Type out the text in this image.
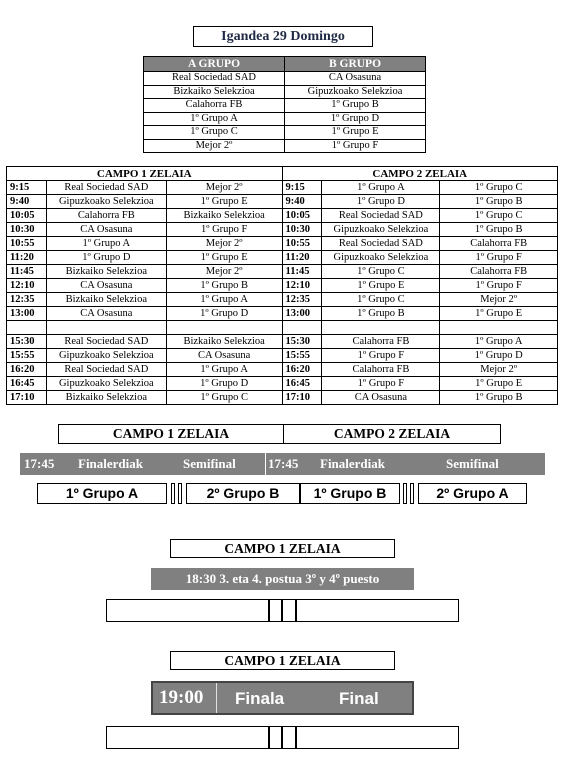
Igandea 29 Domingo
A GRUPO	B GRUPO
Real Sociedad SAD	CA Osasuna
Bizkaiko Selekzioa	Gipuzkoako Selekzioa
Calahorra FB	1º Grupo B
1º Grupo A	1º Grupo D
1º Grupo C	1º Grupo E
Mejor 2º	1º Grupo F
CAMPO 1 ZELAIA			CAMPO 2 ZELAIA		
9:15	Real Sociedad SAD	Mejor 2º	9:15	1º Grupo A	1º Grupo C
9:40	Gipuzkoako Selekzioa	1º Grupo E	9:40	1º Grupo D	1º Grupo B
10:05	Calahorra FB	Bizkaiko Selekzioa	10:05	Real Sociedad SAD	1º Grupo C
10:30	CA Osasuna	1º Grupo F	10:30	Gipuzkoako Selekzioa	1º Grupo B
10:55	1º Grupo A	Mejor 2º	10:55	Real Sociedad SAD	Calahorra FB
11:20	1º Grupo D	1º Grupo E	11:20	Gipuzkoako Selekzioa	1º Grupo F
11:45	Bizkaiko Selekzioa	Mejor 2º	11:45	1º Grupo C	Calahorra FB
12:10	CA Osasuna	1º Grupo B	12:10	1º Grupo E	1º Grupo F
12:35	Bizkaiko Selekzioa	1º Grupo A	12:35	1º Grupo C	Mejor 2º
13:00	CA Osasuna	1º Grupo D	13:00	1º Grupo B	1º Grupo E

15:30	Real Sociedad SAD	Bizkaiko Selekzioa	15:30	Calahorra FB	1º Grupo A
15:55	Gipuzkoako Selekzioa	CA Osasuna	15:55	1º Grupo F	1º Grupo D
16:20	Real Sociedad SAD	1º Grupo A	16:20	Calahorra FB	Mejor 2º
16:45	Gipuzkoako Selekzioa	1º Grupo D	16:45	1º Grupo F	1º Grupo E
17:10	Bizkaiko Selekzioa	1º Grupo C	17:10	CA Osasuna	1º Grupo B
CAMPO 1 ZELAIA	CAMPO 2 ZELAIA
17:45 Finalerdiak	Semifinal 17:45 Finalerdiak	Semifinal
1º Grupo A	2º Grupo B	1º Grupo B	2º Grupo A
CAMPO 1 ZELAIA
18:30 3. eta 4. postua 3º y 4º puesto
CAMPO 1 ZELAIA
19:00 Finala	Final
